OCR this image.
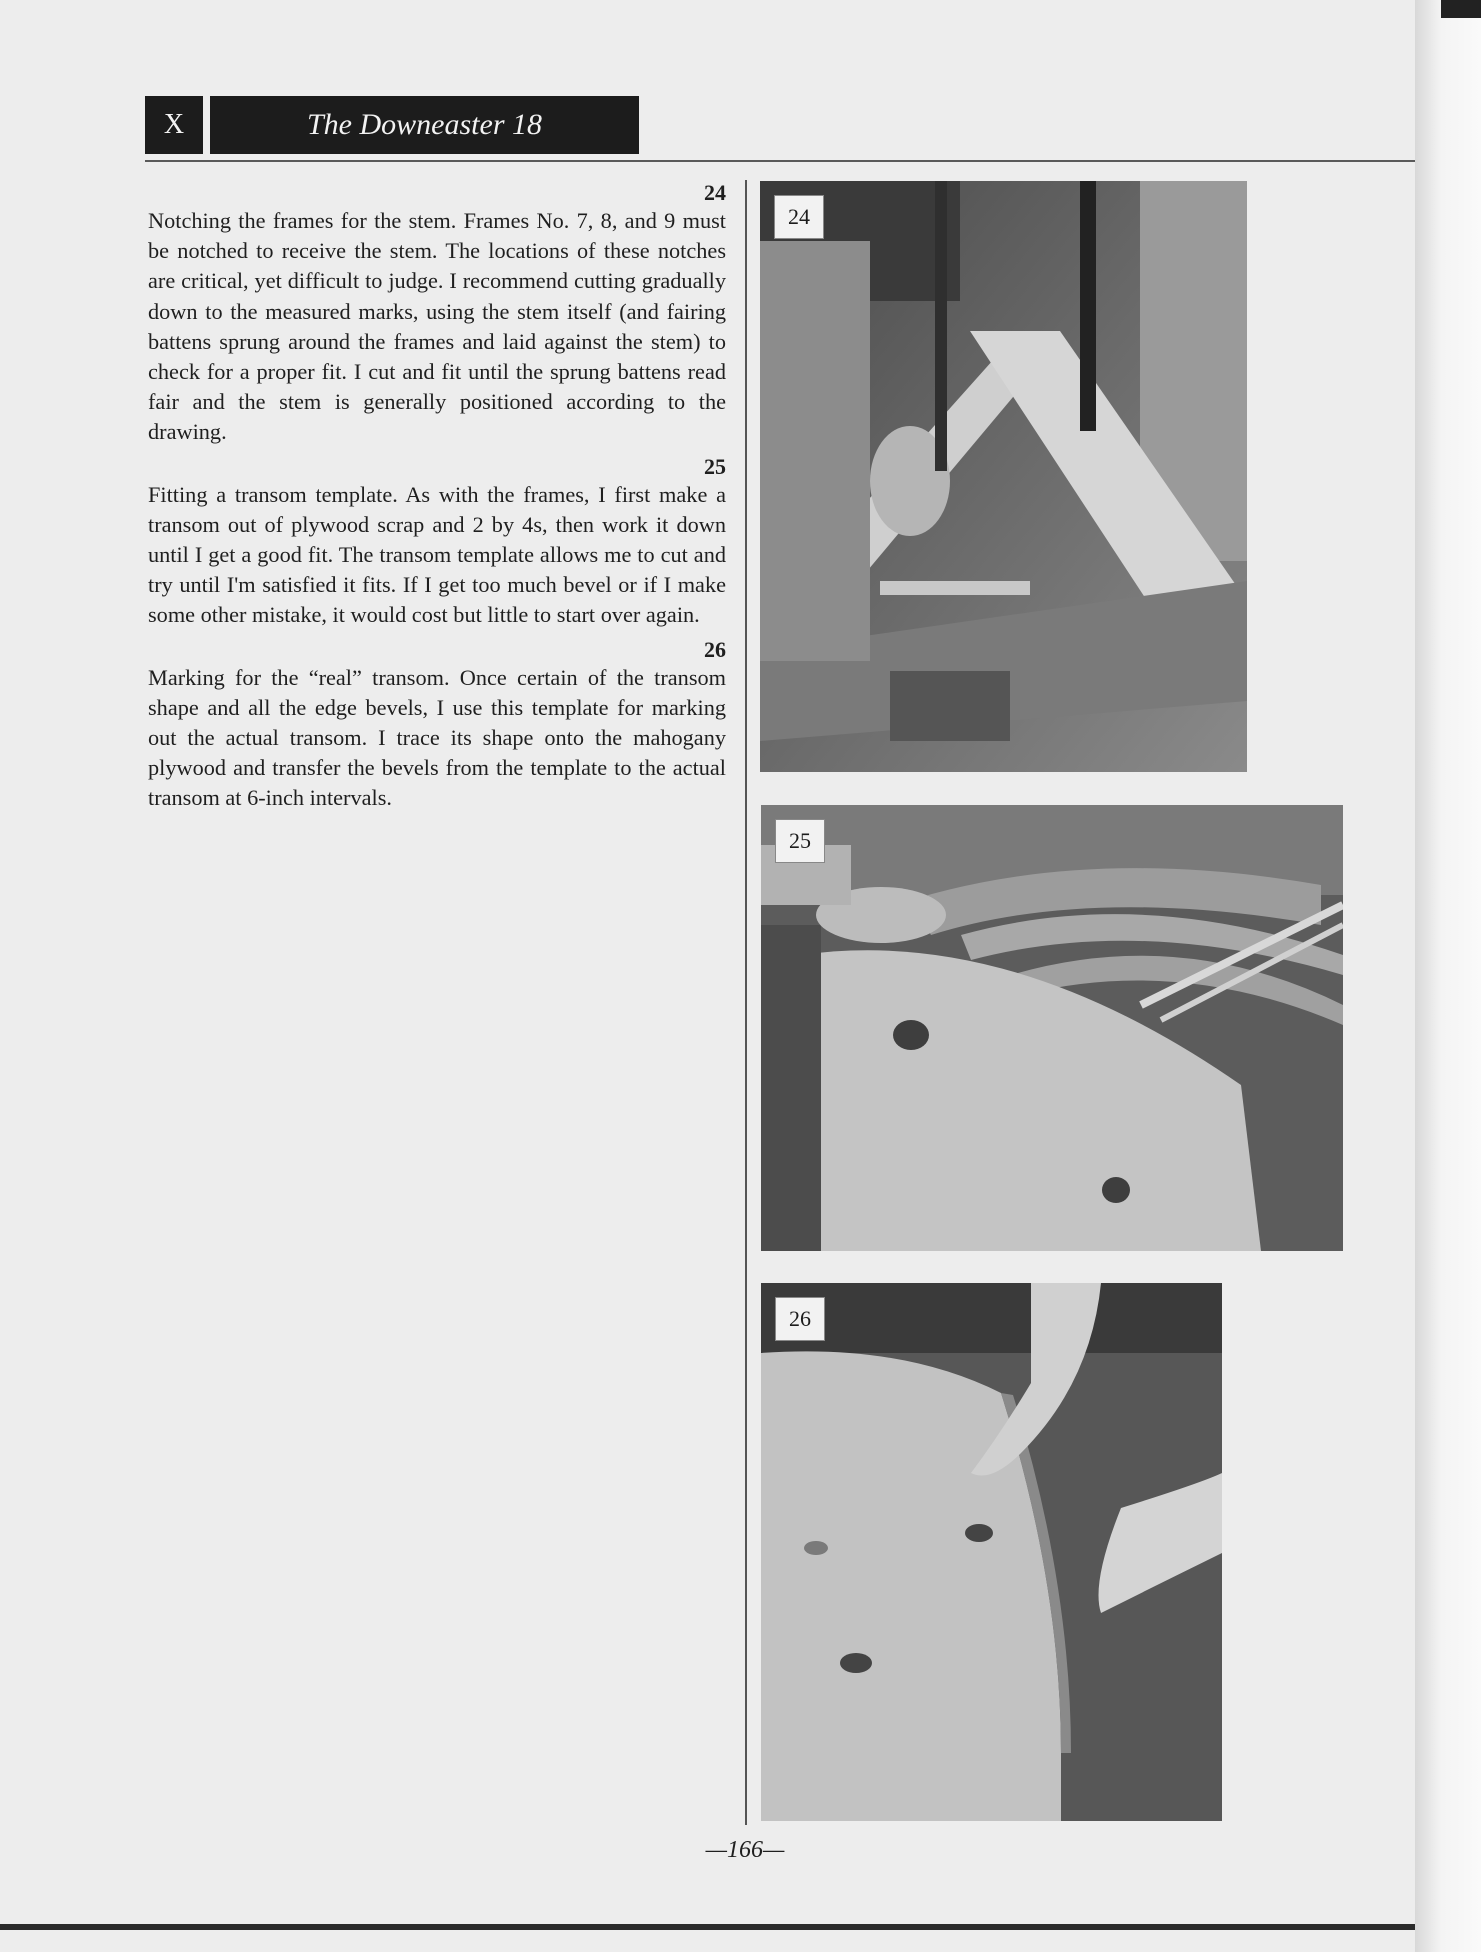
X	The Downeaster 18
24

Notching the frames for the stem. Frames No. 7, 8, and 9 must be notched to receive the stem. The locations of these notches are critical, yet difficult to judge. I recommend cutting gradually down to the measured marks, using the stem itself (and fairing battens sprung around the frames and laid against the stem) to check for a proper fit. I cut and fit until the sprung battens read fair and the stem is generally positioned according to the drawing.

25

Fitting a transom template. As with the frames, I first make a transom out of plywood scrap and 2 by 4s, then work it down until I get a good fit. The transom template allows me to cut and try until I'm satisfied it fits. If I get too much bevel or if I make some other mistake, it would cost but little to start over again.

26

Marking for the “real” transom. Once certain of the transom shape and all the edge bevels, I use this template for marking out the actual transom. I trace its shape onto the mahogany plywood and transfer the bevels from the template to the actual transom at 6-inch intervals.

24
25
26
—166—
